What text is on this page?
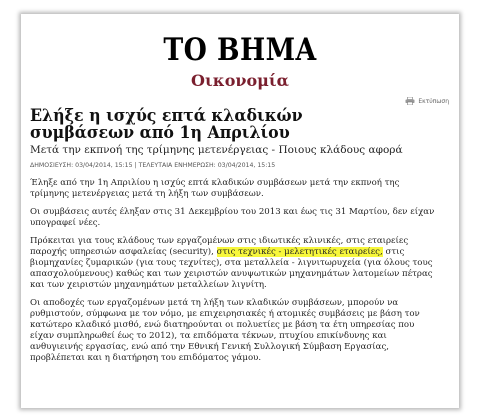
ΤΟ ΒΗΜΑ
Οικονομία
Εκτύπωση
Ελήξε η ισχύς επτά κλαδικών συμβάσεων από 1η Απριλίου
Μετά την εκπνοή της τρίμηνης μετενέργειας - Ποιους κλάδους αφορά
ΔΗΜΟΣΙΕΥΣΗ: 03/04/2014, 15:15 | ΤΕΛΕΥΤΑΙΑ ΕΝΗΜΕΡΩΣΗ: 03/04/2014, 15:15

Έληξε από την 1η Απριλίου η ισχύς επτά κλαδικών συμβάσεων μετά την εκπνοή της τρίμηνης μετενέργειας μετά τη λήξη των συμβάσεων.

Οι συμβάσεις αυτές έληξαν στις 31 Δεκεμβρίου του 2013 και έως τις 31 Μαρτίου, δεν είχαν υπογραφεί νέες.

Πρόκειται για τους κλάδους των εργαζομένων στις ιδιωτικές κλινικές, στις εταιρείες παροχής υπηρεσιών ασφαλείας (security), στις τεχνικές - μελετητικές εταιρείες, στις βιομηχανίες ζυμαρικών (για τους τεχνίτες), στα μεταλλεία - λιγνιτωρυχεία (για όλους τους απασχολούμενους) καθώς και των χειριστών ανυψωτικών μηχανημάτων λατομείων πέτρας και των χειριστών μηχανημάτων μεταλλείων λιγνίτη.

Οι αποδοχές των εργαζομένων μετά τη λήξη των κλαδικών συμβάσεων, μπορούν να ρυθμιστούν, σύμφωνα με τον νόμο, με επιχειρησιακές ή ατομικές συμβάσεις με βάση τον κατώτερο κλαδικό μισθό, ενώ διατηρούνται οι πολυετίες με βάση τα έτη υπηρεσίας που είχαν συμπληρωθεί έως το 2012), τα επιδόματα τέκνων, πτυχίου επικίνδυνης και ανθυγιεινής εργασίας, ενώ από την Εθνική Γενική Συλλογική Σύμβαση Εργασίας, προβλέπεται και η διατήρηση του επιδόματος γάμου.
